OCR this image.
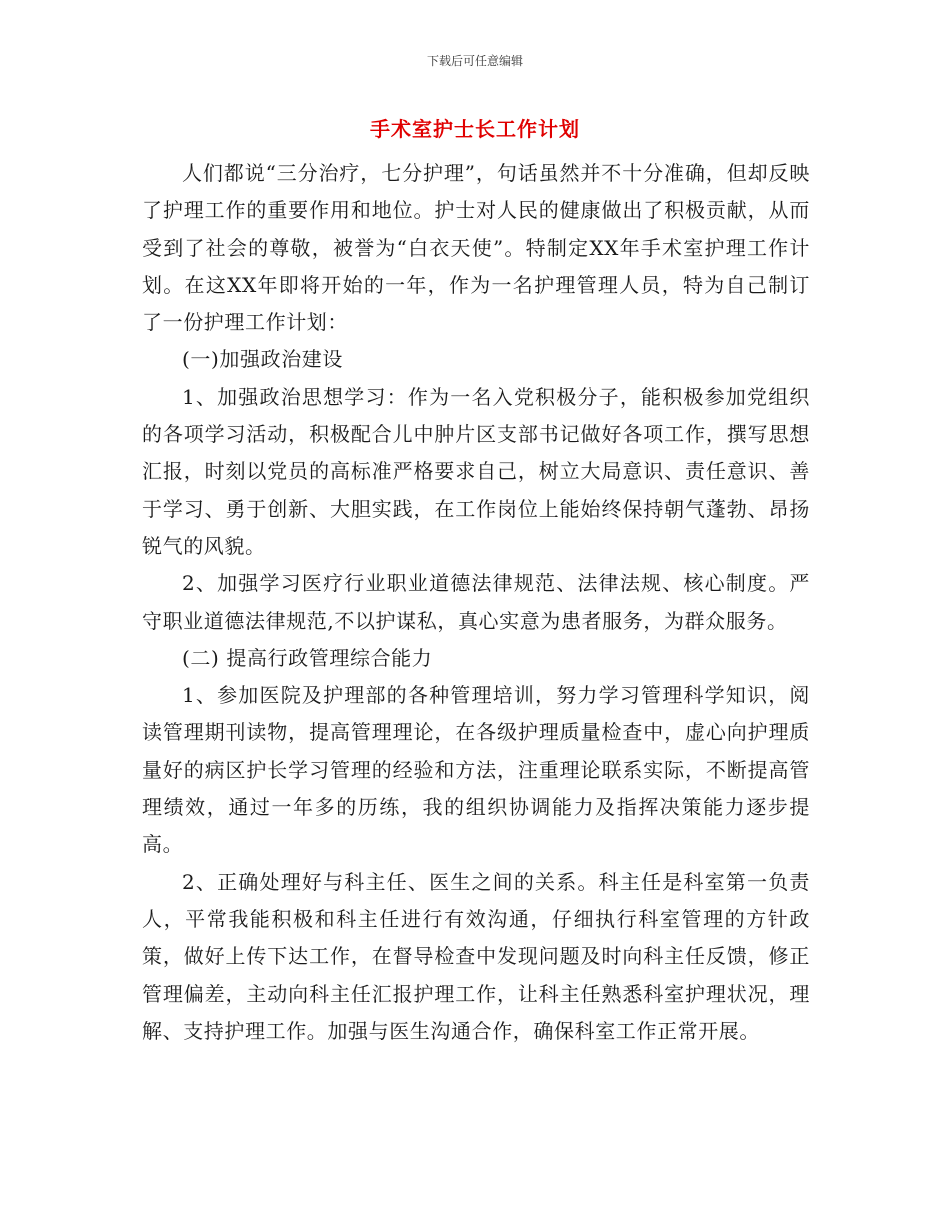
下载后可任意编辑
手术室护士长工作计划

人们都说“三分治疗，七分护理”，句话虽然并不十分准确，但却反映了护理工作的重要作用和地位。护士对人民的健康做出了积极贡献，从而受到了社会的尊敬，被誉为“白衣天使”。特制定XX年手术室护理工作计划。在这XX年即将开始的一年，作为一名护理管理人员，特为自己制订了一份护理工作计划：

(一)加强政治建设

1、加强政治思想学习：作为一名入党积极分子，能积极参加党组织的各项学习活动，积极配合儿中肿片区支部书记做好各项工作，撰写思想汇报，时刻以党员的高标准严格要求自己，树立大局意识、责任意识、善于学习、勇于创新、大胆实践，在工作岗位上能始终保持朝气蓬勃、昂扬锐气的风貌。

2、加强学习医疗行业职业道德法律规范、法律法规、核心制度。严守职业道德法律规范,不以护谋私，真心实意为患者服务，为群众服务。

(二) 提高行政管理综合能力

1、参加医院及护理部的各种管理培训，努力学习管理科学知识，阅读管理期刊读物，提高管理理论，在各级护理质量检查中，虚心向护理质量好的病区护长学习管理的经验和方法，注重理论联系实际，不断提高管理绩效，通过一年多的历练，我的组织协调能力及指挥决策能力逐步提高。

2、正确处理好与科主任、医生之间的关系。科主任是科室第一负责人，平常我能积极和科主任进行有效沟通，仔细执行科室管理的方针政策，做好上传下达工作，在督导检查中发现问题及时向科主任反馈，修正管理偏差，主动向科主任汇报护理工作，让科主任熟悉科室护理状况，理解、支持护理工作。加强与医生沟通合作，确保科室工作正常开展。
